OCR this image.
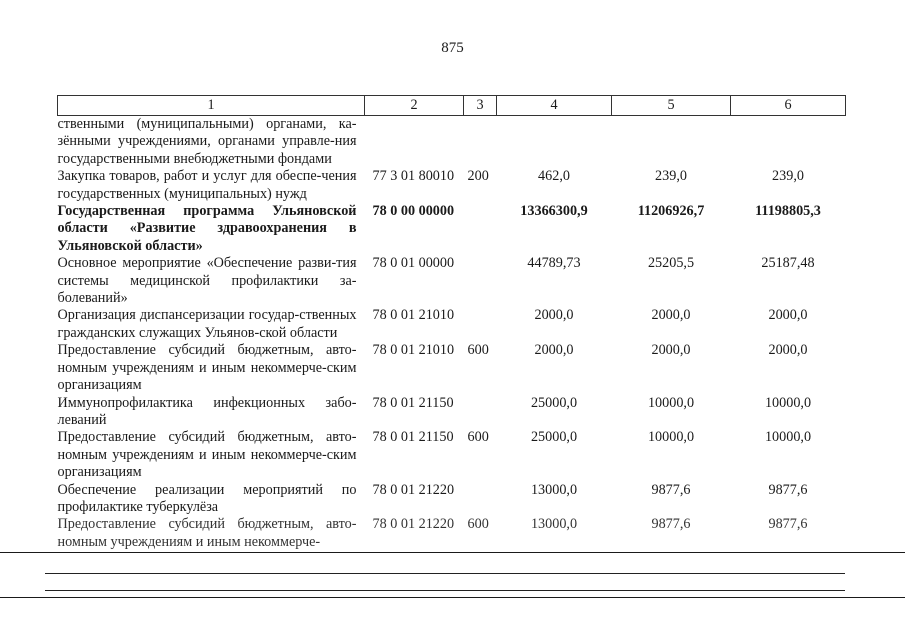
875
1	2	3	4	5	6
ственными (муниципальными) органами, ка-зёнными учреждениями, органами управле-ния государственными внебюджетными фондами					
Закупка товаров, работ и услуг для обеспе-чения государственных (муниципальных) нужд	77 3 01 80010	200	462,0	239,0	239,0
Государственная программа Ульяновской области «Развитие здравоохранения в Ульяновской области»	78 0 00 00000		13366300,9	11206926,7	11198805,3
Основное мероприятие «Обеспечение разви-тия системы медицинской профилактики за-болеваний»	78 0 01 00000		44789,73	25205,5	25187,48
Организация диспансеризации государ-ственных гражданских служащих Ульянов-ской области	78 0 01 21010		2000,0	2000,0	2000,0
Предоставление субсидий бюджетным, авто-номным учреждениям и иным некоммерче-ским организациям	78 0 01 21010	600	2000,0	2000,0	2000,0
Иммунопрофилактика инфекционных забо-леваний	78 0 01 21150		25000,0	10000,0	10000,0
Предоставление субсидий бюджетным, авто-номным учреждениям и иным некоммерче-ским организациям	78 0 01 21150	600	25000,0	10000,0	10000,0
Обеспечение реализации мероприятий по профилактике туберкулёза	78 0 01 21220		13000,0	9877,6	9877,6
Предоставление субсидий бюджетным, авто-номным учреждениям и иным некоммерче-	78 0 01 21220	600	13000,0	9877,6	9877,6
